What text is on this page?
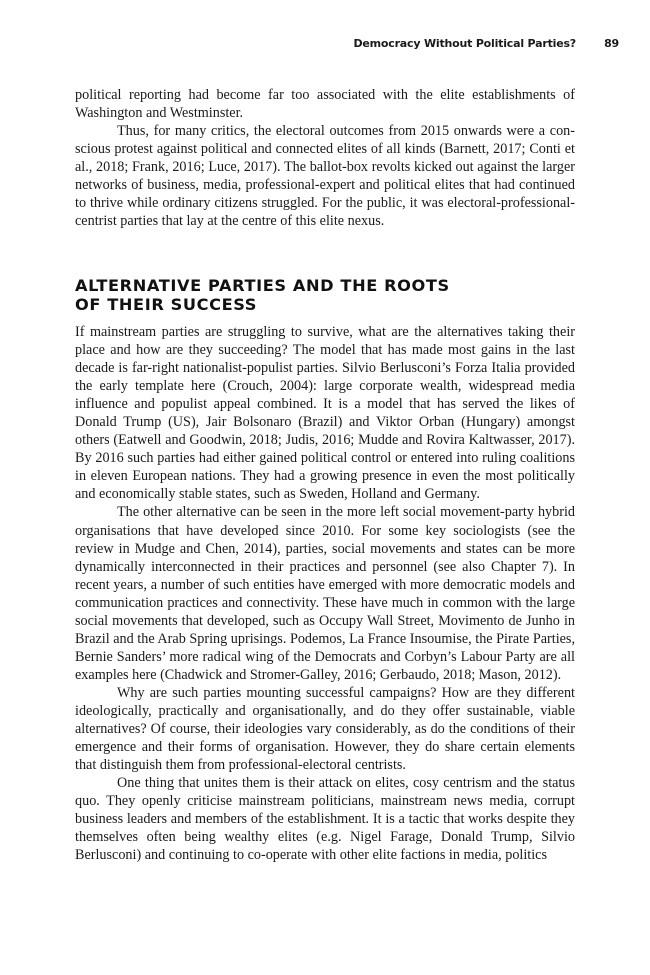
Democracy Without Political Parties?	89

political reporting had become far too associated with the elite establishments of Washington and Westminster.

Thus, for many critics, the electoral outcomes from 2015 onwards were a conscious protest against political and connected elites of all kinds (Barnett, 2017; Conti et al., 2018; Frank, 2016; Luce, 2017). The ballot-box revolts kicked out against the larger networks of business, media, professional-expert and political elites that had continued to thrive while ordinary citizens struggled. For the public, it was electoral-professional-centrist parties that lay at the centre of this elite nexus.

ALTERNATIVE PARTIES AND THE ROOTS
OF THEIR SUCCESS

If mainstream parties are struggling to survive, what are the alternatives taking their place and how are they succeeding? The model that has made most gains in the last decade is far-right nationalist-populist parties. Silvio Berlusconi’s Forza Italia provided the early template here (Crouch, 2004): large corporate wealth, widespread media influence and populist appeal combined. It is a model that has served the likes of Donald Trump (US), Jair Bolsonaro (Brazil) and Viktor Orban (Hungary) amongst others (Eatwell and Goodwin, 2018; Judis, 2016; Mudde and Rovira Kaltwasser, 2017). By 2016 such parties had either gained political control or entered into ruling coalitions in eleven European nations. They had a growing presence in even the most politically and economically stable states, such as Sweden, Holland and Germany.

The other alternative can be seen in the more left social movement-party hybrid organisations that have developed since 2010. For some key sociologists (see the review in Mudge and Chen, 2014), parties, social movements and states can be more dynamically interconnected in their practices and personnel (see also Chapter 7). In recent years, a number of such entities have emerged with more democratic models and communication practices and connectivity. These have much in common with the large social movements that developed, such as Occupy Wall Street, Movimento de Junho in Brazil and the Arab Spring uprisings. Podemos, La France Insoumise, the Pirate Parties, Bernie Sanders’ more radical wing of the Democrats and Corbyn’s Labour Party are all examples here (Chadwick and Stromer-Galley, 2016; Gerbaudo, 2018; Mason, 2012).

Why are such parties mounting successful campaigns? How are they different ideologically, practically and organisationally, and do they offer sustainable, viable alternatives? Of course, their ideologies vary considerably, as do the conditions of their emergence and their forms of organisation. However, they do share certain elements that distinguish them from professional-electoral centrists.

One thing that unites them is their attack on elites, cosy centrism and the status quo. They openly criticise mainstream politicians, mainstream news media, corrupt business leaders and members of the establishment. It is a tactic that works despite they themselves often being wealthy elites (e.g. Nigel Farage, Donald Trump, Silvio Berlusconi) and continuing to co-operate with other elite factions in media, politics
